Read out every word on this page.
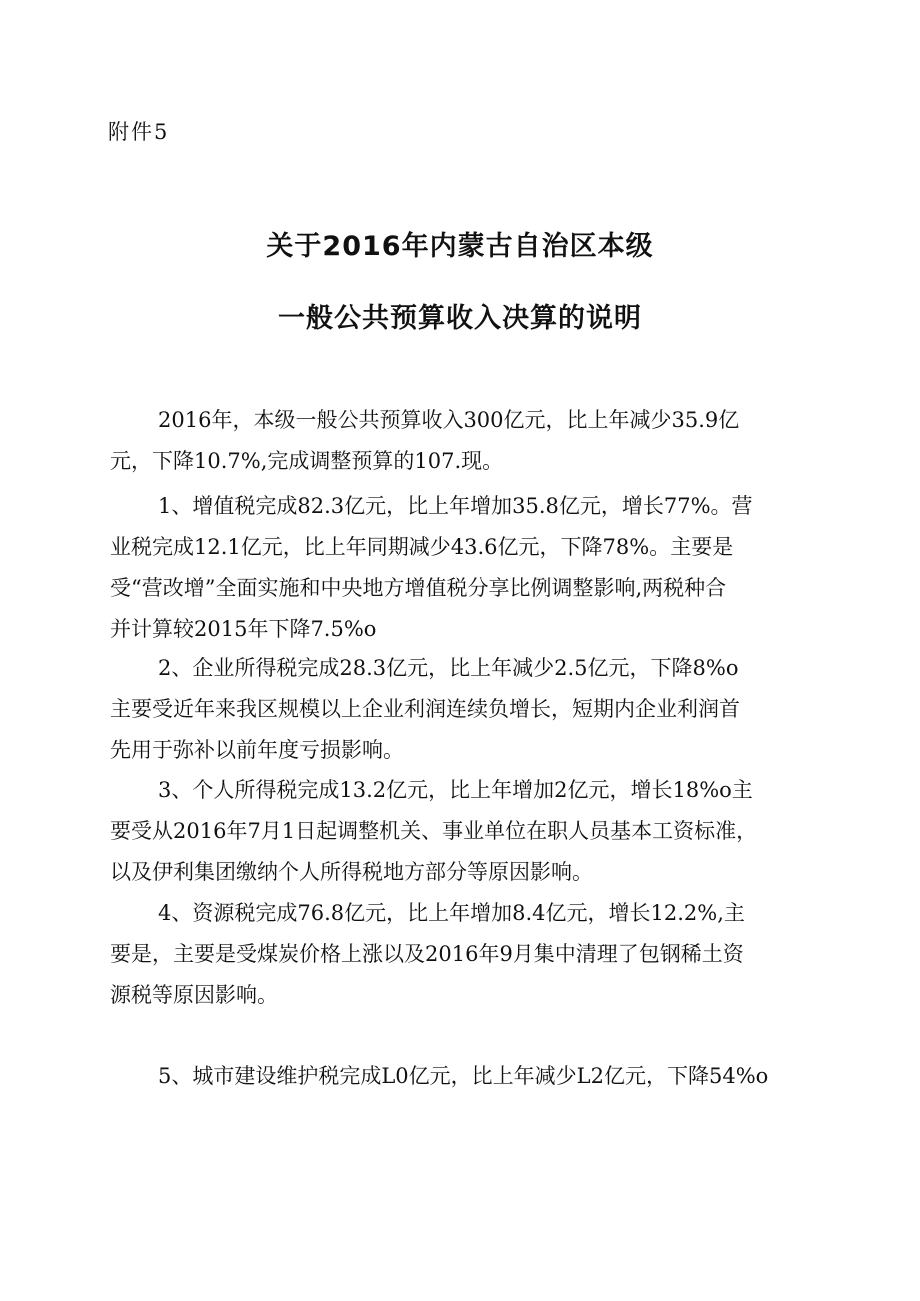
附件5
关于2016年内蒙古自治区本级
一般公共预算收入决算的说明
2016年，本级一般公共预算收入300亿元，比上年减少35.9亿
元，下降10.7%,完成调整预算的107.现。
1、增值税完成82.3亿元，比上年增加35.8亿元，增长77%。营
业税完成12.1亿元，比上年同期减少43.6亿元，下降78%。主要是
受“营改增”全面实施和中央地方增值税分享比例调整影响,两税种合
并计算较2015年下降7.5%o
2、企业所得税完成28.3亿元，比上年减少2.5亿元，下降8%o
主要受近年来我区规模以上企业利润连续负增长，短期内企业利润首
先用于弥补以前年度亏损影响。
3、个人所得税完成13.2亿元，比上年增加2亿元，增长18%o主
要受从2016年7月1日起调整机关、事业单位在职人员基本工资标准，
以及伊利集团缴纳个人所得税地方部分等原因影响。
4、资源税完成76.8亿元，比上年增加8.4亿元，增长12.2%,主
要是，主要是受煤炭价格上涨以及2016年9月集中清理了包钢稀土资
源税等原因影响。
5、城市建设维护税完成L0亿元，比上年减少L2亿元，下降54%o
